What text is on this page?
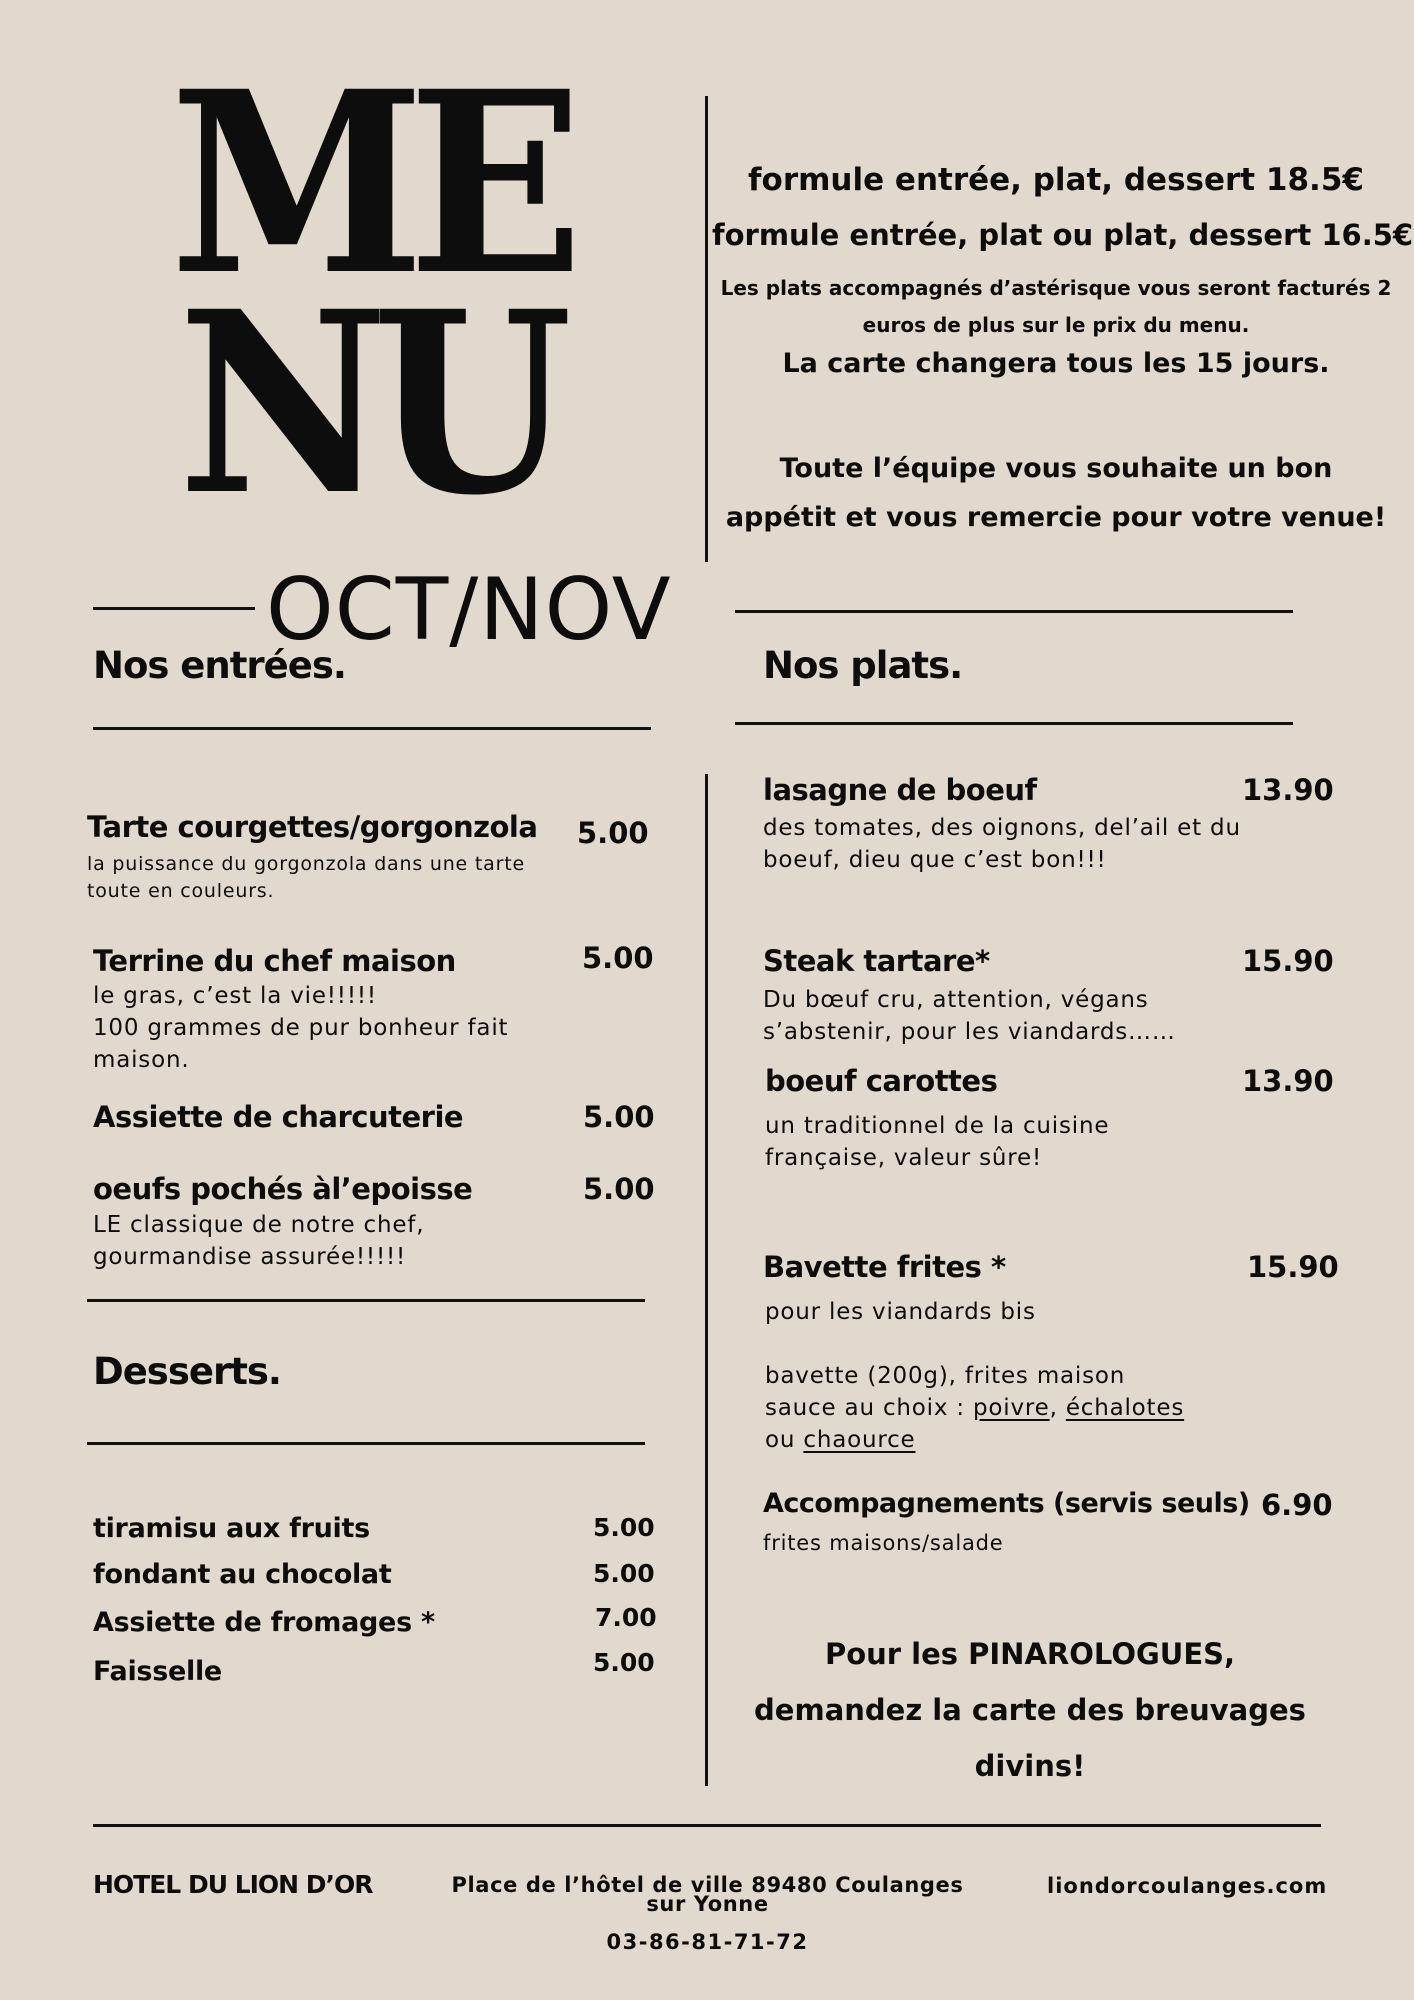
ME
NU
OCT/NOV
formule entrée, plat, dessert 18.5€
formule entrée, plat ou plat, dessert 16.5€
Les plats accompagnés d’astérisque vous seront facturés 2 euros de plus sur le prix du menu.
La carte changera tous les 15 jours.
Toute l’équipe vous souhaite un bon appétit et vous remercie pour votre venue!
Nos entrées.
Tarte courgettes/gorgonzola 5.00
la puissance du gorgonzola dans une tarte toute en couleurs.
Terrine du chef maison	5.00
le gras, c’est la vie!!!!!
100 grammes de pur bonheur fait maison.
Assiette de charcuterie	5.00
oeufs pochés àl’epoisse	5.00
LE classique de notre chef, gourmandise assurée!!!!!
Desserts.
tiramisu aux fruits	5.00
fondant au chocolat	5.00
Assiette de fromages *	7.00
Faisselle	5.00
Nos plats.
lasagne de boeuf	13.90
des tomates, des oignons, del’ail et du boeuf, dieu que c’est bon!!!
Steak tartare*	15.90
Du bœuf cru, attention, végans s’abstenir, pour les viandards……
boeuf carottes	13.90
un traditionnel de la cuisine française, valeur sûre!
Bavette frites *	15.90
pour les viandards bis
bavette (200g), frites maison
sauce au choix : poivre, échalotes
ou chaource
Accompagnements (servis seuls) 6.90
frites maisons/salade
Pour les PINAROLOGUES, demandez la carte des breuvages divins!
HOTEL DU LION D’OR	Place de l’hôtel de ville 89480 Coulanges sur Yonne
03-86-81-71-72
liondorcoulanges.com
